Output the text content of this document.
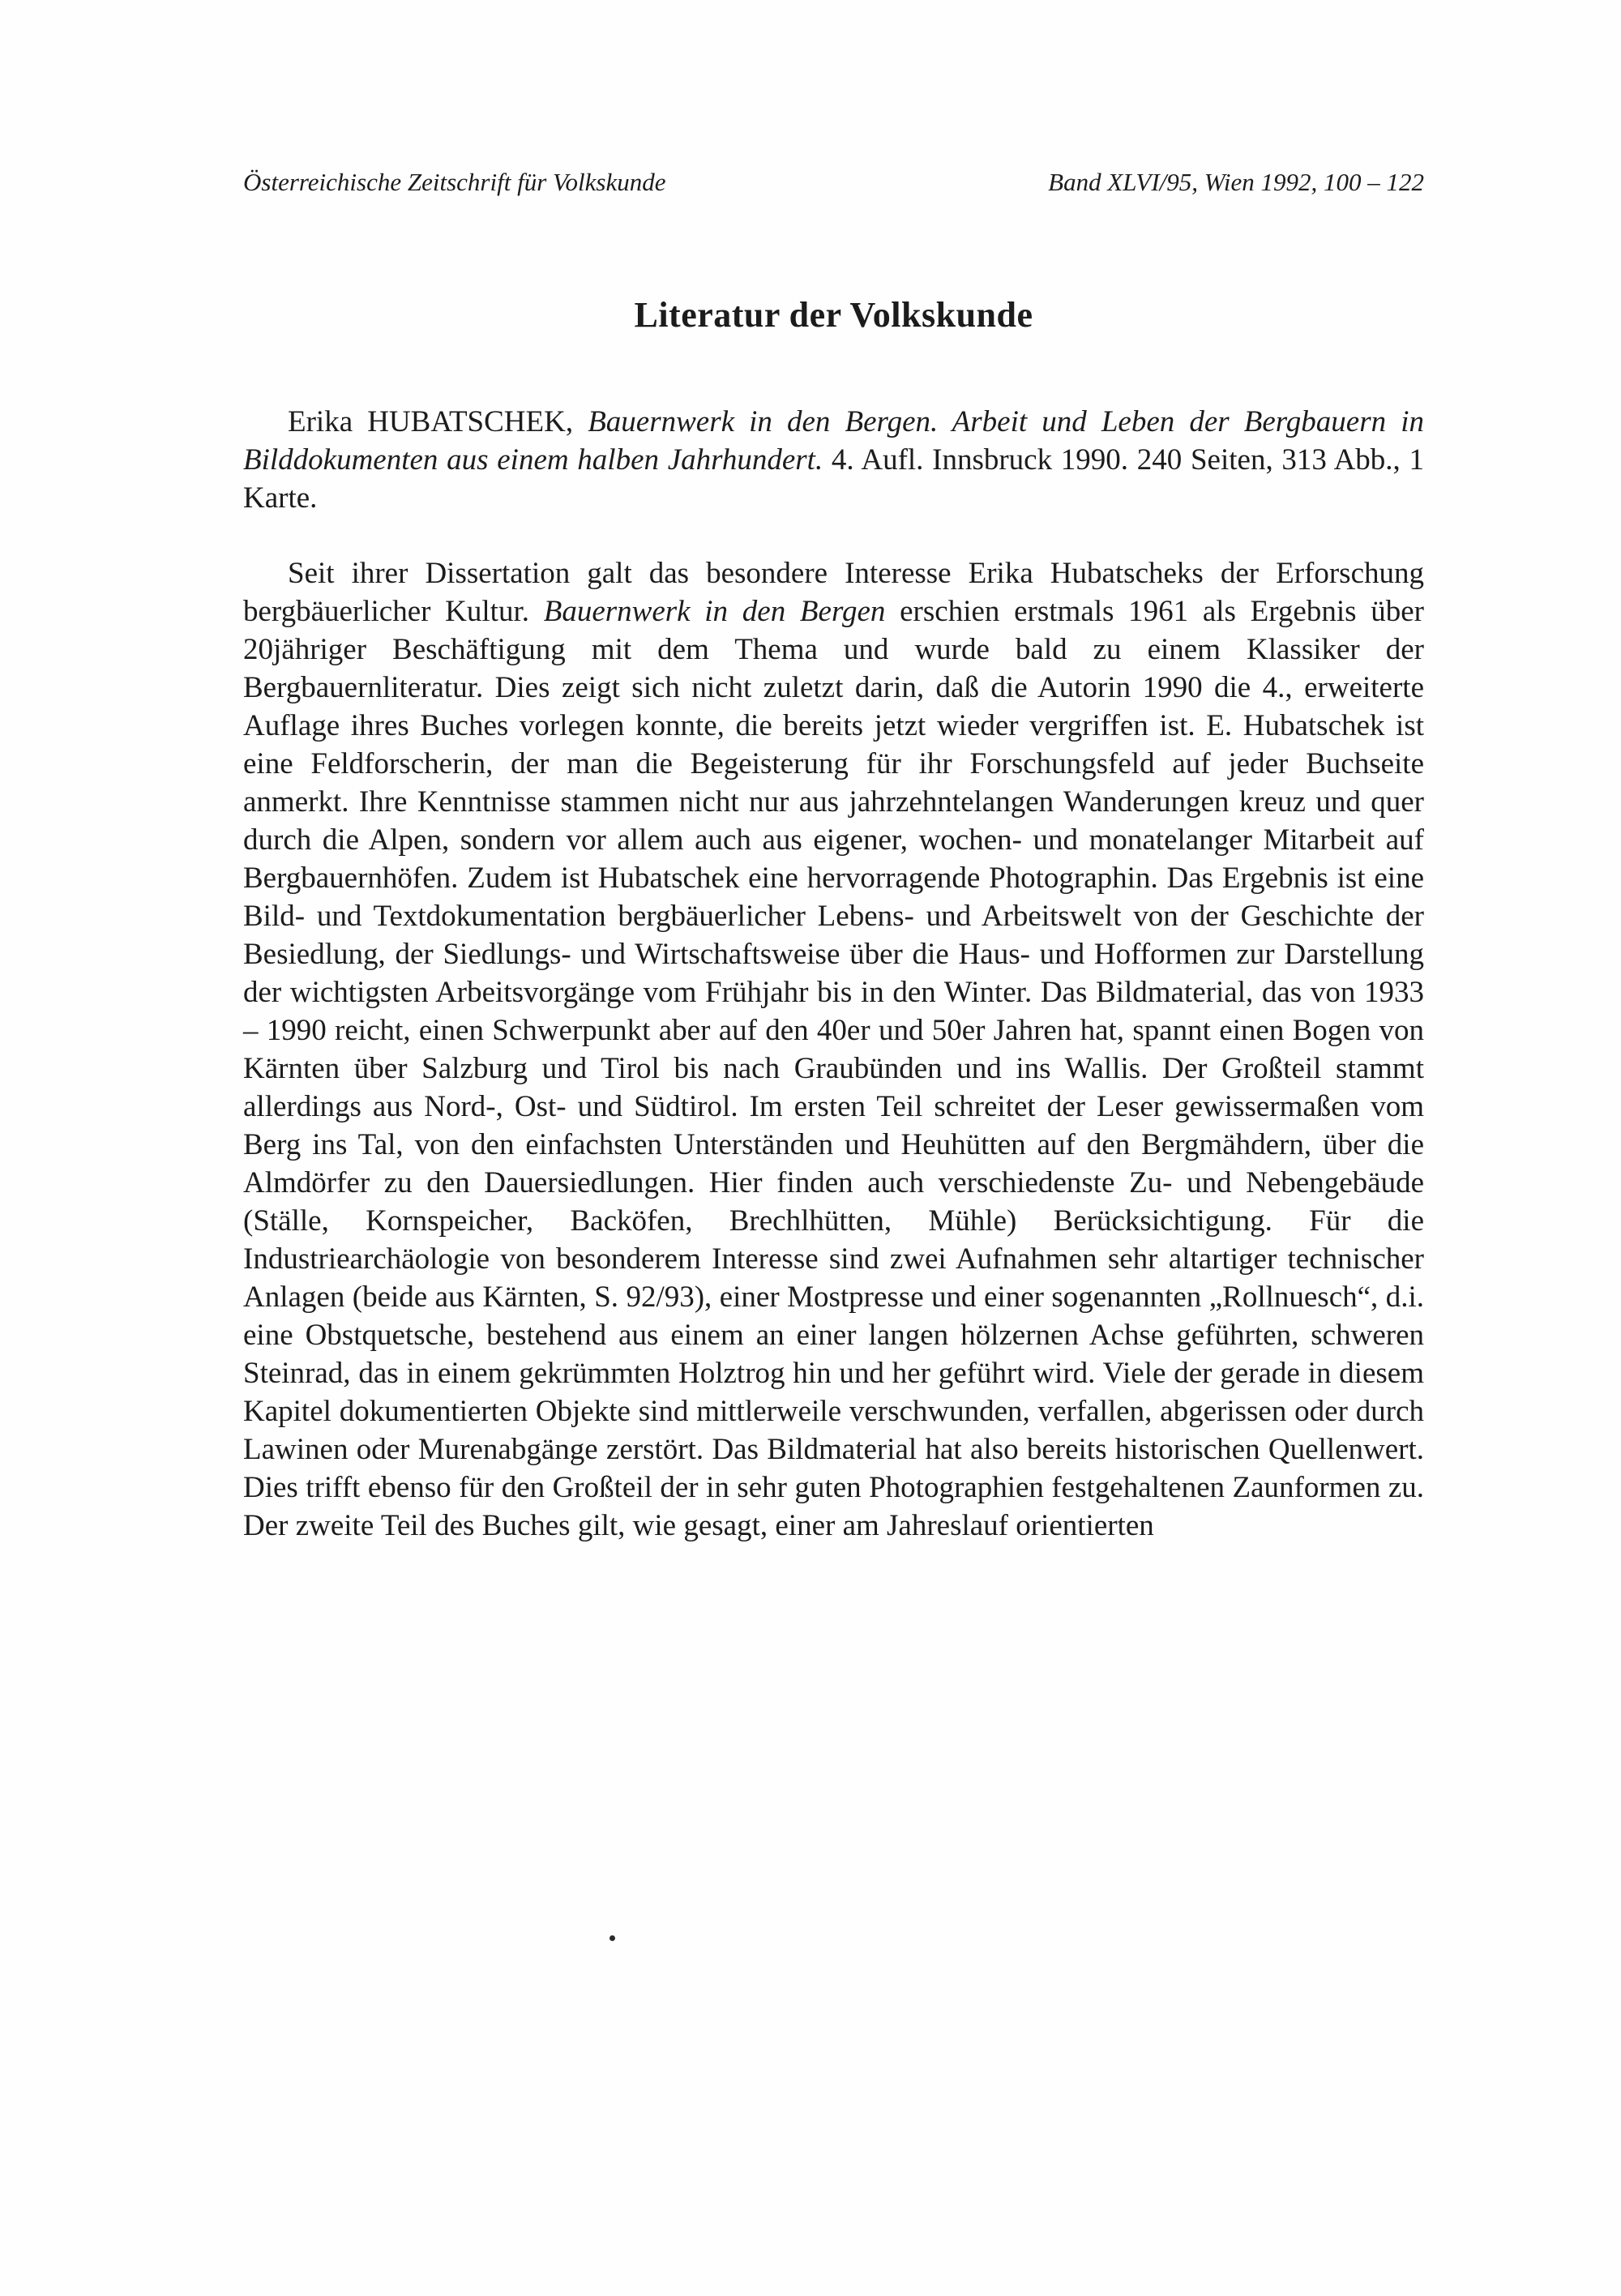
Österreichische Zeitschrift für Volkskunde	Band XLVI/95, Wien 1992, 100 – 122
Literatur der Volkskunde

Erika HUBATSCHEK, Bauernwerk in den Bergen. Arbeit und Leben der Bergbauern in Bilddokumenten aus einem halben Jahrhundert. 4. Aufl. Innsbruck 1990. 240 Seiten, 313 Abb., 1 Karte.

Seit ihrer Dissertation galt das besondere Interesse Erika Hubatscheks der Erforschung bergbäuerlicher Kultur. Bauernwerk in den Bergen erschien erstmals 1961 als Ergebnis über 20jähriger Beschäftigung mit dem Thema und wurde bald zu einem Klassiker der Bergbauernliteratur. Dies zeigt sich nicht zuletzt darin, daß die Autorin 1990 die 4., erweiterte Auflage ihres Buches vorlegen konnte, die bereits jetzt wieder vergriffen ist. E. Hubatschek ist eine Feldforscherin, der man die Begeisterung für ihr Forschungsfeld auf jeder Buchseite anmerkt. Ihre Kenntnisse stammen nicht nur aus jahrzehntelangen Wanderungen kreuz und quer durch die Alpen, sondern vor allem auch aus eigener, wochen- und monatelanger Mitarbeit auf Bergbauernhöfen. Zudem ist Hubatschek eine hervorragende Photographin. Das Ergebnis ist eine Bild- und Textdokumentation bergbäuerlicher Lebens- und Arbeitswelt von der Geschichte der Besiedlung, der Siedlungs- und Wirtschaftsweise über die Haus- und Hofformen zur Darstellung der wichtigsten Arbeitsvorgänge vom Frühjahr bis in den Winter. Das Bildmaterial, das von 1933 – 1990 reicht, einen Schwerpunkt aber auf den 40er und 50er Jahren hat, spannt einen Bogen von Kärnten über Salzburg und Tirol bis nach Graubünden und ins Wallis. Der Großteil stammt allerdings aus Nord-, Ost- und Südtirol. Im ersten Teil schreitet der Leser gewissermaßen vom Berg ins Tal, von den einfachsten Unterständen und Heuhütten auf den Bergmähdern, über die Almdörfer zu den Dauersiedlungen. Hier finden auch verschiedenste Zu- und Nebengebäude (Ställe, Kornspeicher, Backöfen, Brechlhütten, Mühle) Berücksichtigung. Für die Industriearchäologie von besonderem Interesse sind zwei Aufnahmen sehr altartiger technischer Anlagen (beide aus Kärnten, S. 92/93), einer Mostpresse und einer sogenannten „Rollnuesch“, d.i. eine Obstquetsche, bestehend aus einem an einer langen hölzernen Achse geführten, schweren Steinrad, das in einem gekrümmten Holztrog hin und her geführt wird. Viele der gerade in diesem Kapitel dokumentierten Objekte sind mittlerweile verschwunden, verfallen, abgerissen oder durch Lawinen oder Murenabgänge zerstört. Das Bildmaterial hat also bereits historischen Quellenwert. Dies trifft ebenso für den Großteil der in sehr guten Photographien festgehaltenen Zaunformen zu. Der zweite Teil des Buches gilt, wie gesagt, einer am Jahreslauf orientierten
